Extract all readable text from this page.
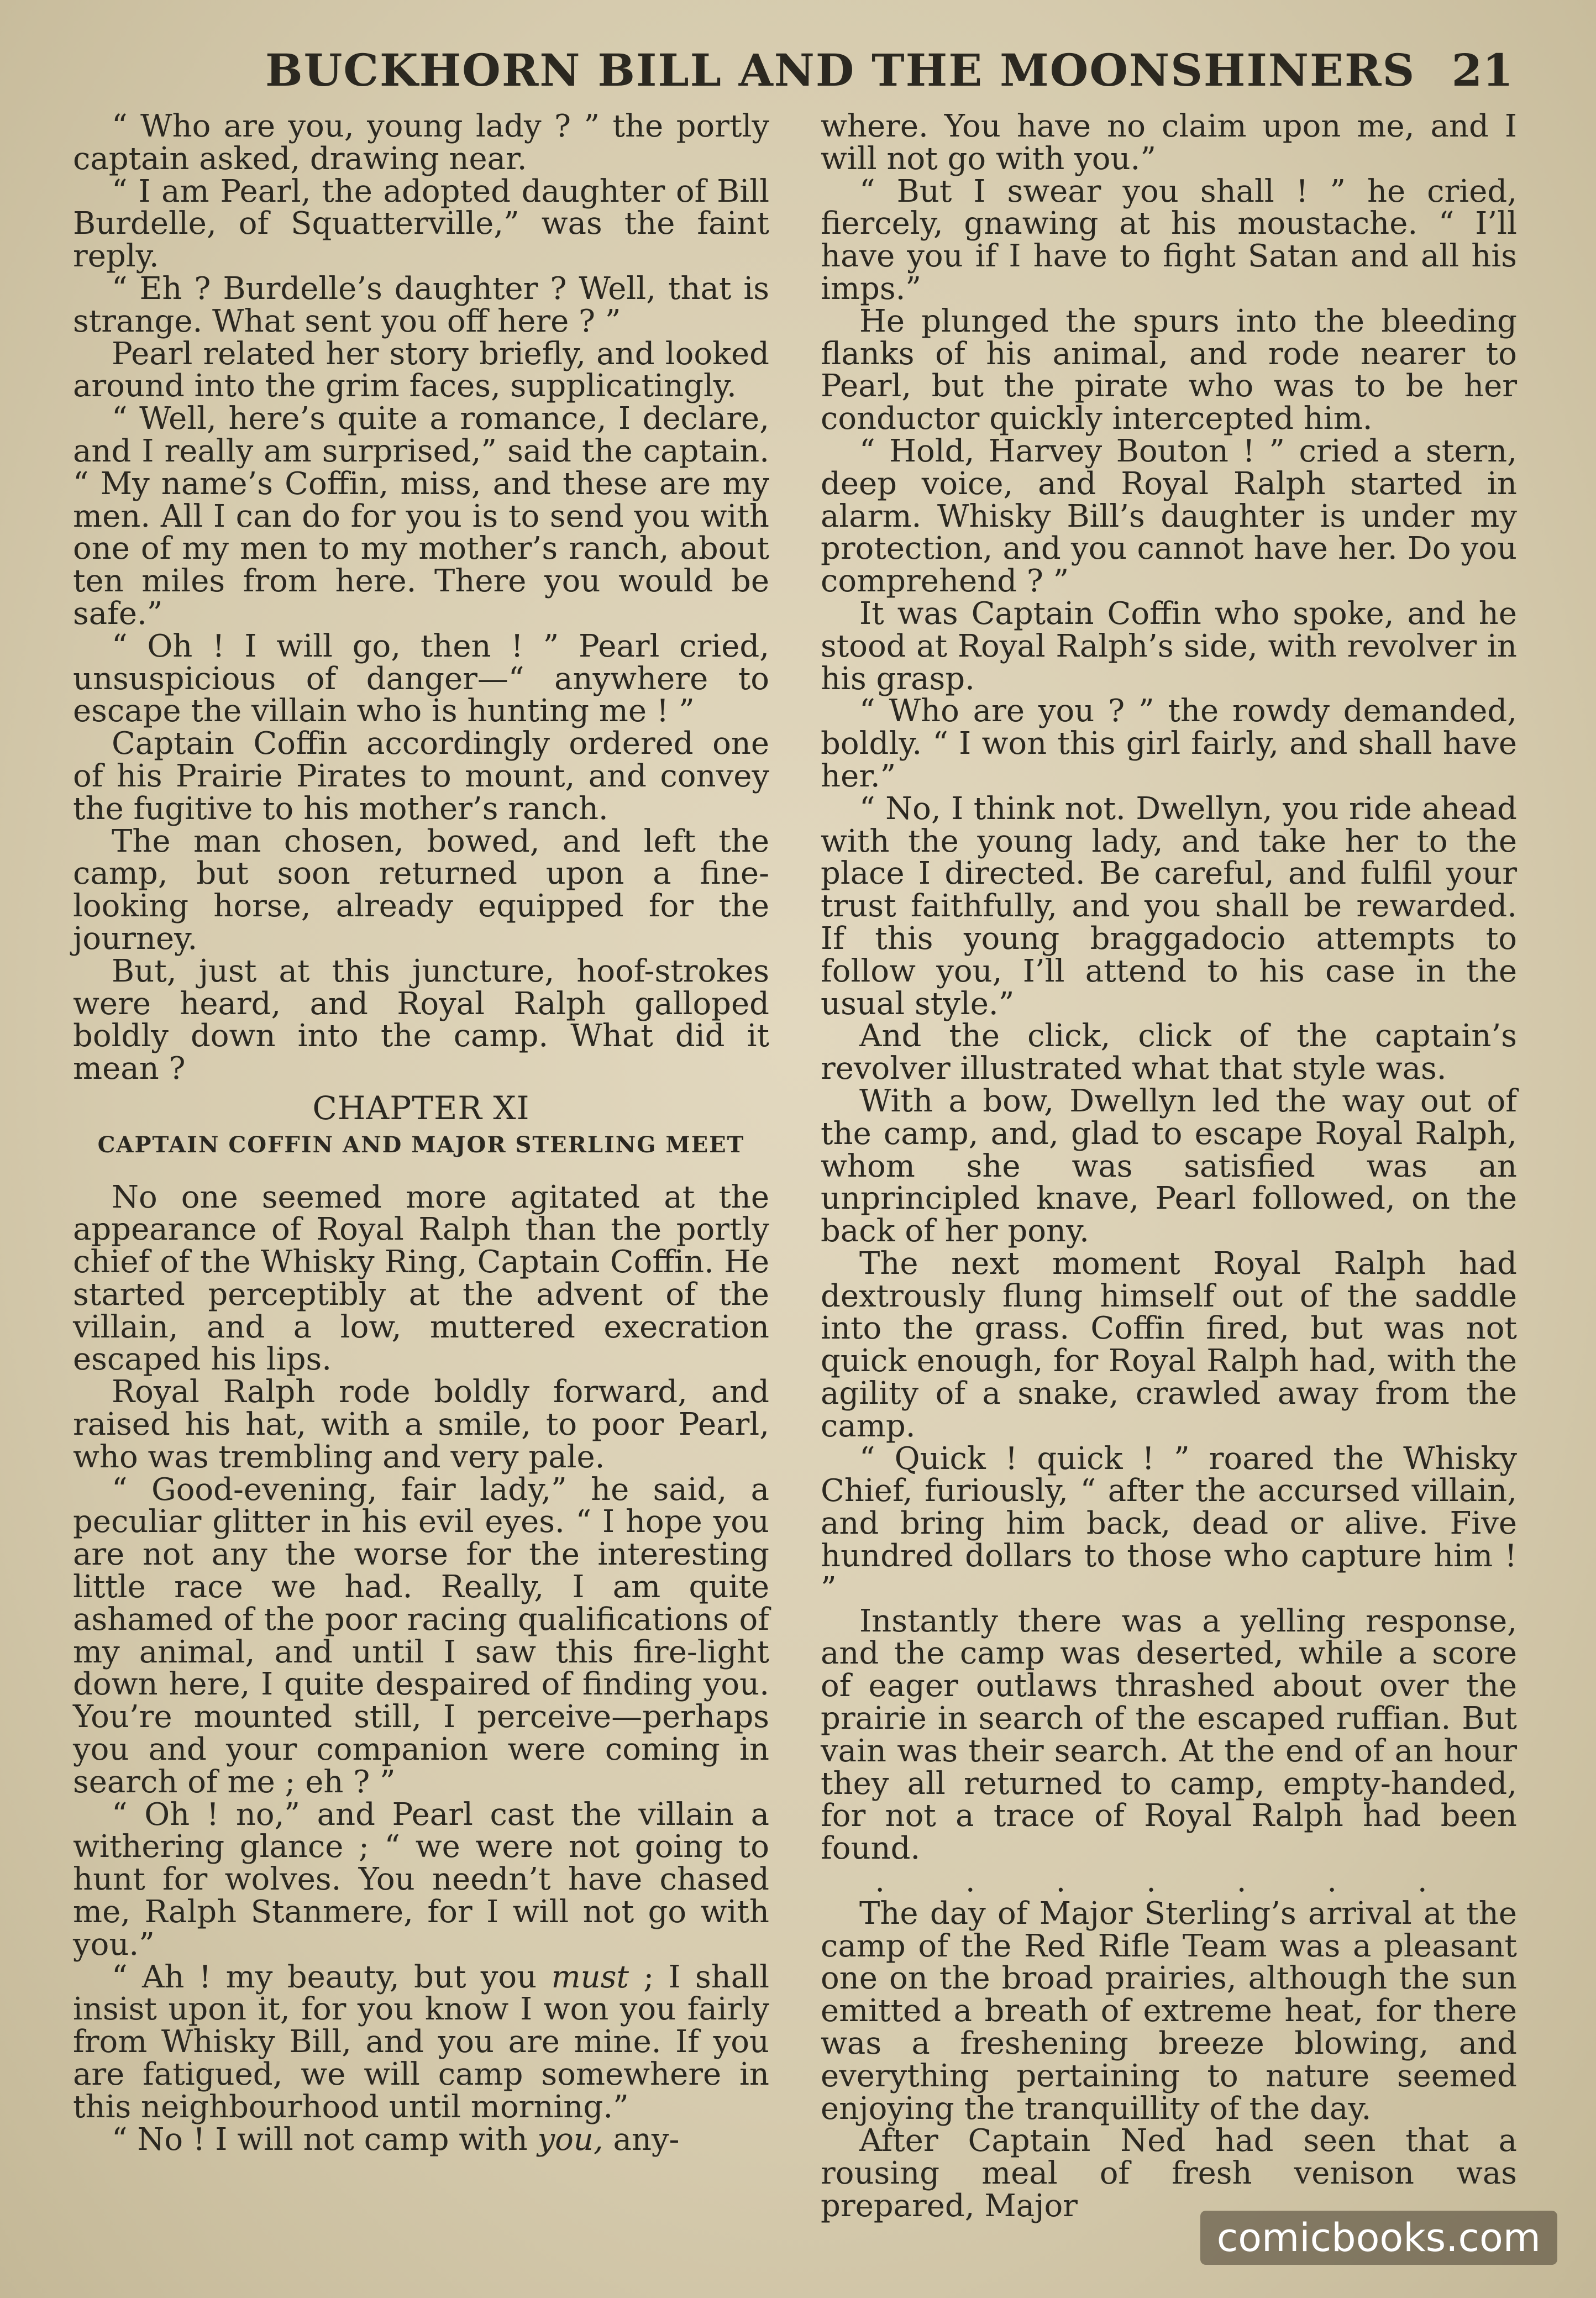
BUCKHORN BILL AND THE MOONSHINERS 21

“ Who are you, young lady ? ” the portly captain asked, drawing near.

“ I am Pearl, the adopted daughter of Bill Burdelle, of Squatterville,” was the faint reply.

“ Eh ? Burdelle’s daughter ? Well, that is strange. What sent you off here ? ”

Pearl related her story briefly, and looked around into the grim faces, supplicatingly.

“ Well, here’s quite a romance, I declare, and I really am surprised,” said the captain. “ My name’s Coffin, miss, and these are my men. All I can do for you is to send you with one of my men to my mother’s ranch, about ten miles from here. There you would be safe.”

“ Oh ! I will go, then ! ” Pearl cried, unsuspicious of danger—“ anywhere to escape the villain who is hunting me ! ”

Captain Coffin accordingly ordered one of his Prairie Pirates to mount, and convey the fugitive to his mother’s ranch.

The man chosen, bowed, and left the camp, but soon returned upon a fine-looking horse, already equipped for the journey.

But, just at this juncture, hoof-strokes were heard, and Royal Ralph galloped boldly down into the camp. What did it mean ?

CHAPTER XI
CAPTAIN COFFIN AND MAJOR STERLING MEET

No one seemed more agitated at the appearance of Royal Ralph than the portly chief of the Whisky Ring, Captain Coffin. He started perceptibly at the advent of the villain, and a low, muttered execration escaped his lips.

Royal Ralph rode boldly forward, and raised his hat, with a smile, to poor Pearl, who was trembling and very pale.

“ Good-evening, fair lady,” he said, a peculiar glitter in his evil eyes. “ I hope you are not any the worse for the interesting little race we had. Really, I am quite ashamed of the poor racing qualifications of my animal, and until I saw this fire-light down here, I quite despaired of finding you. You’re mounted still, I perceive—perhaps you and your companion were coming in search of me ; eh ? ”

“ Oh ! no,” and Pearl cast the villain a withering glance ; “ we were not going to hunt for wolves. You needn’t have chased me, Ralph Stanmere, for I will not go with you.”

“ Ah ! my beauty, but you must ; I shall insist upon it, for you know I won you fairly from Whisky Bill, and you are mine. If you are fatigued, we will camp somewhere in this neighbourhood until morning.”

“ No ! I will not camp with you, any-

where. You have no claim upon me, and I will not go with you.”

“ But I swear you shall ! ” he cried, fiercely, gnawing at his moustache. “ I’ll have you if I have to fight Satan and all his imps.”

He plunged the spurs into the bleeding flanks of his animal, and rode nearer to Pearl, but the pirate who was to be her conductor quickly intercepted him.

“ Hold, Harvey Bouton ! ” cried a stern, deep voice, and Royal Ralph started in alarm. Whisky Bill’s daughter is under my protection, and you cannot have her. Do you comprehend ? ”

It was Captain Coffin who spoke, and he stood at Royal Ralph’s side, with revolver in his grasp.

“ Who are you ? ” the rowdy demanded, boldly. “ I won this girl fairly, and shall have her.”

“ No, I think not. Dwellyn, you ride ahead with the young lady, and take her to the place I directed. Be careful, and fulfil your trust faithfully, and you shall be rewarded. If this young braggadocio attempts to follow you, I’ll attend to his case in the usual style.”

And the click, click of the captain’s revolver illustrated what that style was.

With a bow, Dwellyn led the way out of the camp, and, glad to escape Royal Ralph, whom she was satisfied was an unprincipled knave, Pearl followed, on the back of her pony.

The next moment Royal Ralph had dextrously flung himself out of the saddle into the grass. Coffin fired, but was not quick enough, for Royal Ralph had, with the agility of a snake, crawled away from the camp.

“ Quick ! quick ! ” roared the Whisky Chief, furiously, “ after the accursed villain, and bring him back, dead or alive. Five hundred dollars to those who capture him ! ”

Instantly there was a yelling response, and the camp was deserted, while a score of eager outlaws thrashed about over the prairie in search of the escaped ruffian. But vain was their search. At the end of an hour they all returned to camp, empty-handed, for not a trace of Royal Ralph had been found.

. . . . . . .

The day of Major Sterling’s arrival at the camp of the Red Rifle Team was a pleasant one on the broad prairies, although the sun emitted a breath of extreme heat, for there was a freshening breeze blowing, and everything pertaining to nature seemed enjoying the tranquillity of the day.

After Captain Ned had seen that a rousing meal of fresh venison was prepared, Major

comicbooks.com
